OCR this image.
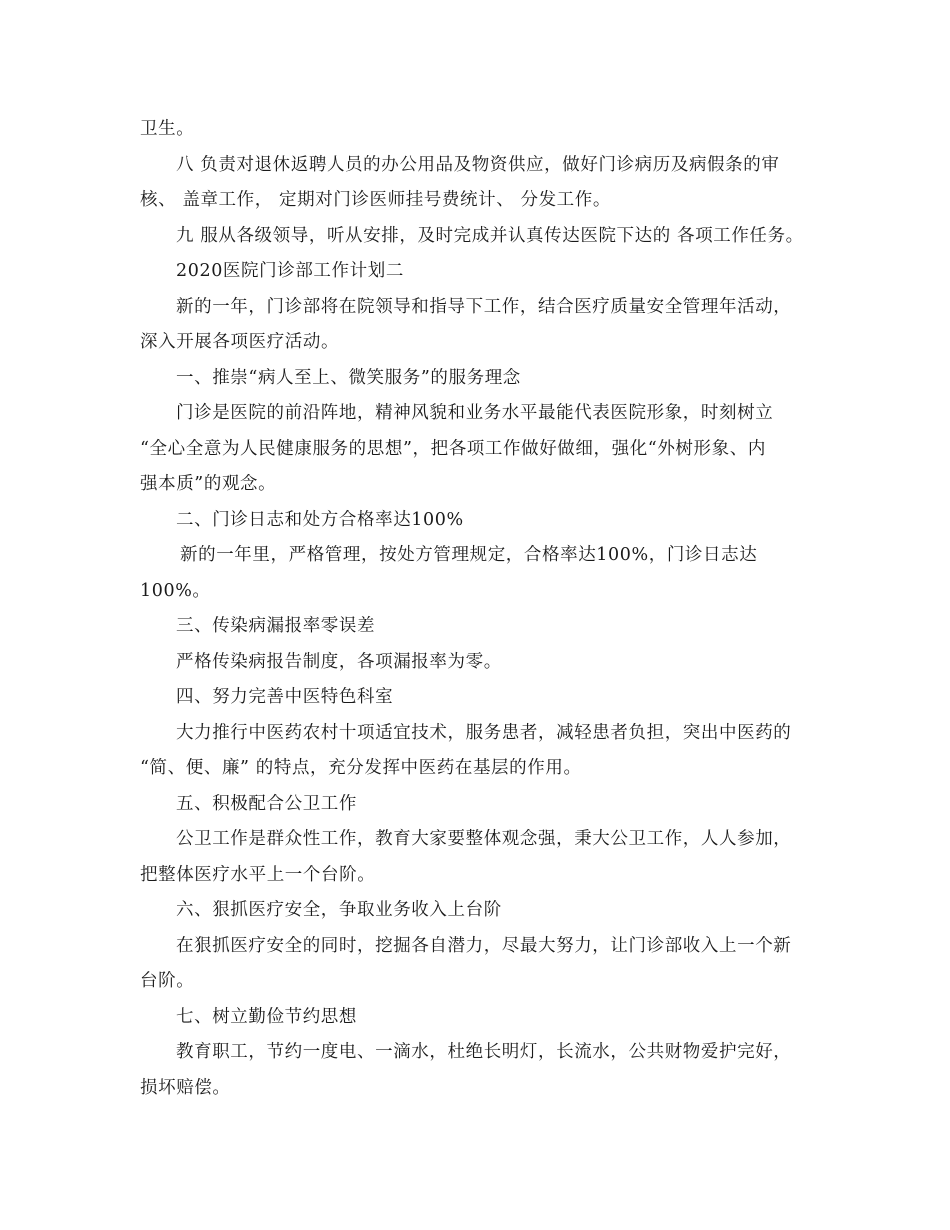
卫生。
八 负责对退休返聘人员的办公用品及物资供应，做好门诊病历及病假条的审
核、 盖章工作， 定期对门诊医师挂号费统计、 分发工作。
九 服从各级领导，听从安排，及时完成并认真传达医院下达的 各项工作任务。
2020医院门诊部工作计划二
新的一年，门诊部将在院领导和指导下工作，结合医疗质量安全管理年活动，
深入开展各项医疗活动。
一、推崇“病人至上、微笑服务”的服务理念
门诊是医院的前沿阵地，精神风貌和业务水平最能代表医院形象，时刻树立
“全心全意为人民健康服务的思想”，把各项工作做好做细，强化“外树形象、内
强本质”的观念。
二、门诊日志和处方合格率达100%
新的一年里，严格管理，按处方管理规定，合格率达100%，门诊日志达
100%。
三、传染病漏报率零误差
严格传染病报告制度，各项漏报率为零。
四、努力完善中医特色科室
大力推行中医药农村十项适宜技术，服务患者，减轻患者负担，突出中医药的
“简、便、廉” 的特点，充分发挥中医药在基层的作用。
五、积极配合公卫工作
公卫工作是群众性工作，教育大家要整体观念强，秉大公卫工作，人人参加，
把整体医疗水平上一个台阶。
六、狠抓医疗安全，争取业务收入上台阶
在狠抓医疗安全的同时，挖掘各自潜力，尽最大努力，让门诊部收入上一个新
台阶。
七、树立勤俭节约思想
教育职工，节约一度电、一滴水，杜绝长明灯，长流水，公共财物爱护完好，
损坏赔偿。
